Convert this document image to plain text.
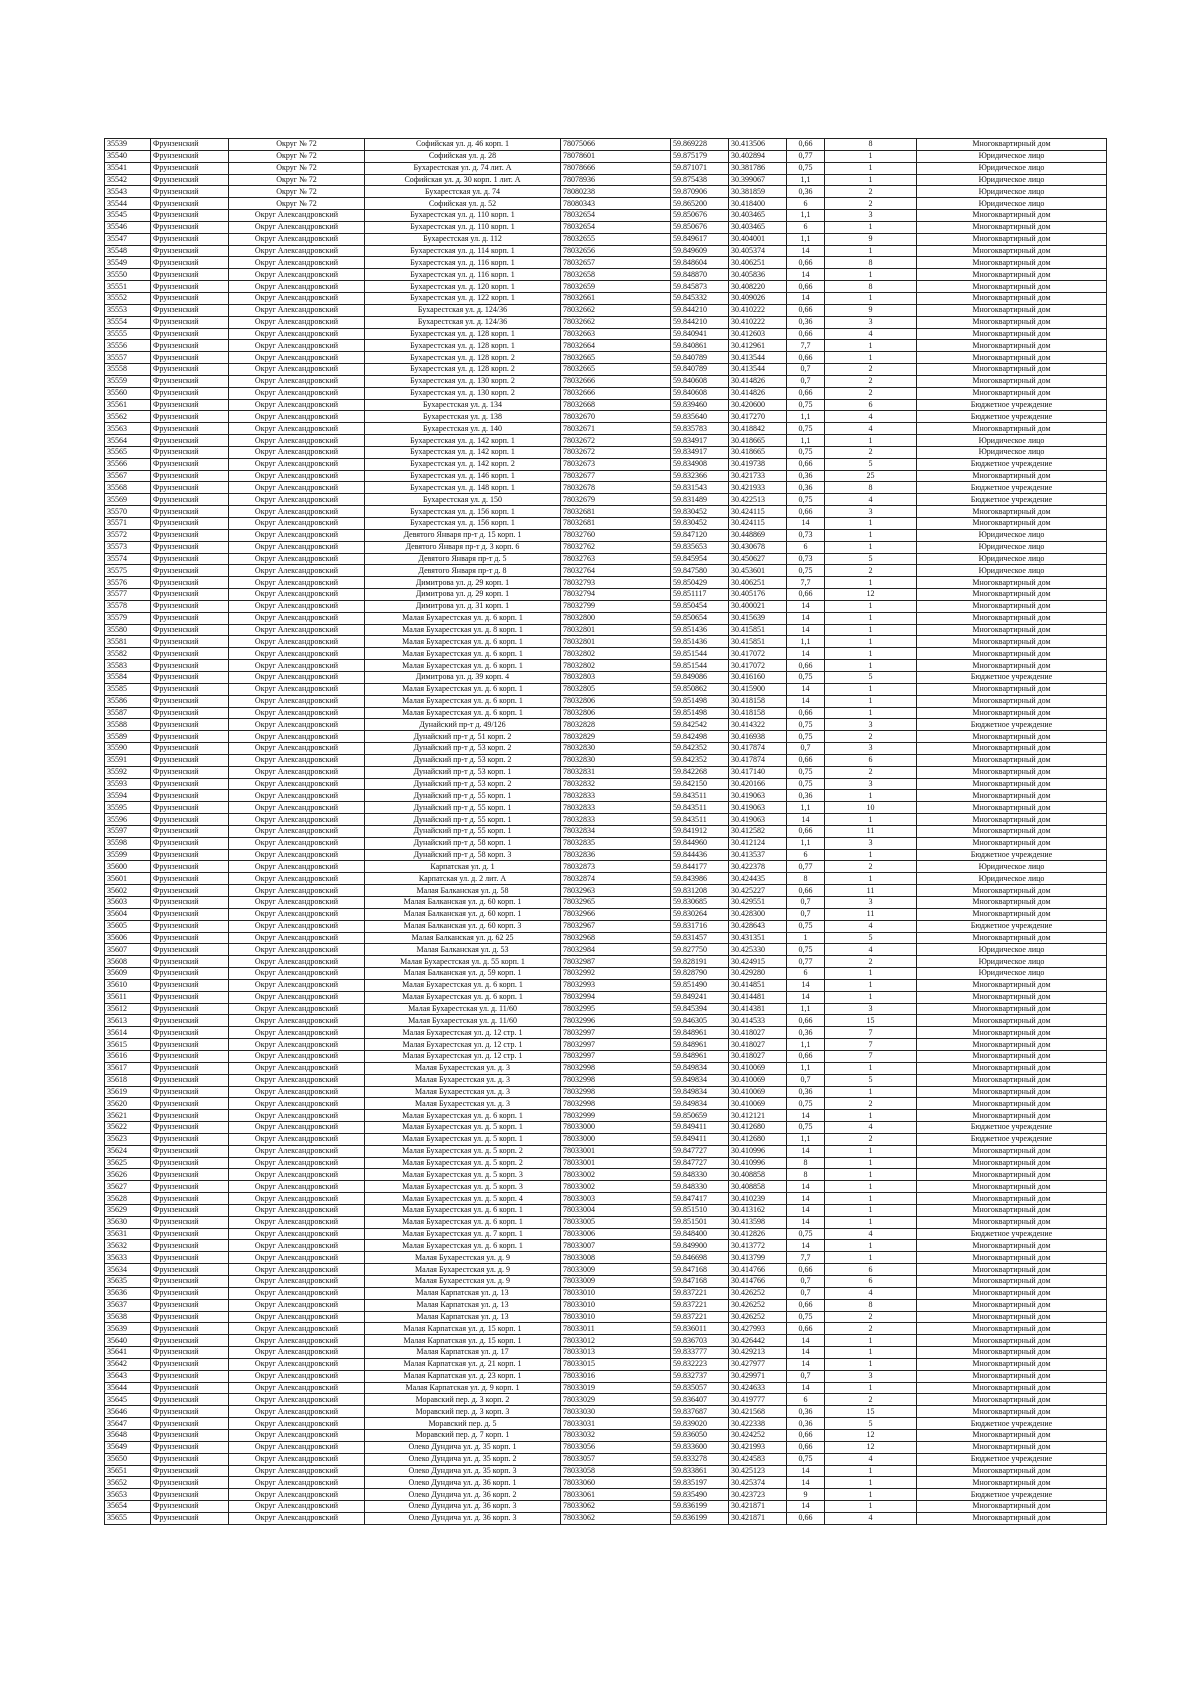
35539	Фрунзенский	Округ № 72	Софийская ул. д. 46 корп. 1	78075066	59.869228	30.413506	0,66	8	Многоквартирный дом
35540	Фрунзенский	Округ № 72	Софийская ул. д. 28	78078601	59.875179	30.402894	0,77	1	Юридическое лицо
35541	Фрунзенский	Округ № 72	Бухарестская ул. д. 74 лит. А	78078666	59.871071	30.381786	0,75	1	Юридическое лицо
35542	Фрунзенский	Округ № 72	Софийская ул. д. 30 корп. 1 лит. А	78078936	59.875438	30.399067	1,1	1	Юридическое лицо
35543	Фрунзенский	Округ № 72	Бухарестская ул. д. 74	78080238	59.870906	30.381859	0,36	2	Юридическое лицо
35544	Фрунзенский	Округ № 72	Софийская ул. д. 52	78080343	59.865200	30.418400	6	2	Юридическое лицо
35545	Фрунзенский	Округ Александровский	Бухарестская ул. д. 110 корп. 1	78032654	59.850676	30.403465	1,1	3	Многоквартирный дом
35546	Фрунзенский	Округ Александровский	Бухарестская ул. д. 110 корп. 1	78032654	59.850676	30.403465	6	1	Многоквартирный дом
35547	Фрунзенский	Округ Александровский	Бухарестская ул. д. 112	78032655	59.849617	30.404001	1,1	9	Многоквартирный дом
35548	Фрунзенский	Округ Александровский	Бухарестская ул. д. 114 корп. 1	78032656	59.849609	30.405374	14	1	Многоквартирный дом
35549	Фрунзенский	Округ Александровский	Бухарестская ул. д. 116 корп. 1	78032657	59.848604	30.406251	0,66	8	Многоквартирный дом
35550	Фрунзенский	Округ Александровский	Бухарестская ул. д. 116 корп. 1	78032658	59.848870	30.405836	14	1	Многоквартирный дом
35551	Фрунзенский	Округ Александровский	Бухарестская ул. д. 120 корп. 1	78032659	59.845873	30.408220	0,66	8	Многоквартирный дом
35552	Фрунзенский	Округ Александровский	Бухарестская ул. д. 122 корп. 1	78032661	59.845332	30.409026	14	1	Многоквартирный дом
35553	Фрунзенский	Округ Александровский	Бухарестская ул. д. 124/36	78032662	59.844210	30.410222	0,66	9	Многоквартирный дом
35554	Фрунзенский	Округ Александровский	Бухарестская ул. д. 124/36	78032662	59.844210	30.410222	0,36	3	Многоквартирный дом
35555	Фрунзенский	Округ Александровский	Бухарестская ул. д. 128 корп. 1	78032663	59.840941	30.412603	0,66	4	Многоквартирный дом
35556	Фрунзенский	Округ Александровский	Бухарестская ул. д. 128 корп. 1	78032664	59.840861	30.412961	7,7	1	Многоквартирный дом
35557	Фрунзенский	Округ Александровский	Бухарестская ул. д. 128 корп. 2	78032665	59.840789	30.413544	0,66	1	Многоквартирный дом
35558	Фрунзенский	Округ Александровский	Бухарестская ул. д. 128 корп. 2	78032665	59.840789	30.413544	0,7	2	Многоквартирный дом
35559	Фрунзенский	Округ Александровский	Бухарестская ул. д. 130 корп. 2	78032666	59.840608	30.414826	0,7	2	Многоквартирный дом
35560	Фрунзенский	Округ Александровский	Бухарестская ул. д. 130 корп. 2	78032666	59.840608	30.414826	0,66	2	Многоквартирный дом
35561	Фрунзенский	Округ Александровский	Бухарестская ул. д. 134	78032668	59.839460	30.420600	0,75	6	Бюджетное учреждение
35562	Фрунзенский	Округ Александровский	Бухарестская ул. д. 138	78032670	59.835640	30.417270	1,1	4	Бюджетное учреждение
35563	Фрунзенский	Округ Александровский	Бухарестская ул. д. 140	78032671	59.835783	30.418842	0,75	4	Многоквартирный дом
35564	Фрунзенский	Округ Александровский	Бухарестская ул. д. 142 корп. 1	78032672	59.834917	30.418665	1,1	1	Юридическое лицо
35565	Фрунзенский	Округ Александровский	Бухарестская ул. д. 142 корп. 1	78032672	59.834917	30.418665	0,75	2	Юридическое лицо
35566	Фрунзенский	Округ Александровский	Бухарестская ул. д. 142 корп. 2	78032673	59.834908	30.419738	0,66	5	Бюджетное учреждение
35567	Фрунзенский	Округ Александровский	Бухарестская ул. д. 146 корп. 1	78032677	59.832366	30.421733	0,36	25	Многоквартирный дом
35568	Фрунзенский	Округ Александровский	Бухарестская ул. д. 148 корп. 1	78032678	59.831543	30.421933	0,36	8	Бюджетное учреждение
35569	Фрунзенский	Округ Александровский	Бухарестская ул. д. 150	78032679	59.831489	30.422513	0,75	4	Бюджетное учреждение
35570	Фрунзенский	Округ Александровский	Бухарестская ул. д. 156 корп. 1	78032681	59.830452	30.424115	0,66	3	Многоквартирный дом
35571	Фрунзенский	Округ Александровский	Бухарестская ул. д. 156 корп. 1	78032681	59.830452	30.424115	14	1	Многоквартирный дом
35572	Фрунзенский	Округ Александровский	Девятого Января пр-т д. 15 корп. 1	78032760	59.847120	30.448869	0,73	1	Юридическое лицо
35573	Фрунзенский	Округ Александровский	Девятого Января пр-т д. 3 корп. 6	78032762	59.835653	30.430678	6	1	Юридическое лицо
35574	Фрунзенский	Округ Александровский	Девятого Января пр-т д. 5	78032763	59.845954	30.450627	0,73	5	Юридическое лицо
35575	Фрунзенский	Округ Александровский	Девятого Января пр-т д. 8	78032764	59.847580	30.453601	0,75	2	Юридическое лицо
35576	Фрунзенский	Округ Александровский	Димитрова ул. д. 29 корп. 1	78032793	59.850429	30.406251	7,7	1	Многоквартирный дом
35577	Фрунзенский	Округ Александровский	Димитрова ул. д. 29 корп. 1	78032794	59.851117	30.405176	0,66	12	Многоквартирный дом
35578	Фрунзенский	Округ Александровский	Димитрова ул. д. 31 корп. 1	78032799	59.850454	30.400021	14	1	Многоквартирный дом
35579	Фрунзенский	Округ Александровский	Малая Бухарестская ул. д. 6 корп. 1	78032800	59.850654	30.415639	14	1	Многоквартирный дом
35580	Фрунзенский	Округ Александровский	Малая Бухарестская ул. д. 8 корп. 1	78032801	59.851436	30.415851	14	1	Многоквартирный дом
35581	Фрунзенский	Округ Александровский	Малая Бухарестская ул. д. 6 корп. 1	78032801	59.851436	30.415851	1,1	1	Многоквартирный дом
35582	Фрунзенский	Округ Александровский	Малая Бухарестская ул. д. 6 корп. 1	78032802	59.851544	30.417072	14	1	Многоквартирный дом
35583	Фрунзенский	Округ Александровский	Малая Бухарестская ул. д. 6 корп. 1	78032802	59.851544	30.417072	0,66	1	Многоквартирный дом
35584	Фрунзенский	Округ Александровский	Димитрова ул. д. 39 корп. 4	78032803	59.849086	30.416160	0,75	5	Бюджетное учреждение
35585	Фрунзенский	Округ Александровский	Малая Бухарестская ул. д. 6 корп. 1	78032805	59.850862	30.415900	14	1	Многоквартирный дом
35586	Фрунзенский	Округ Александровский	Малая Бухарестская ул. д. 6 корп. 1	78032806	59.851498	30.418158	14	1	Многоквартирный дом
35587	Фрунзенский	Округ Александровский	Малая Бухарестская ул. д. 6 корп. 1	78032806	59.851498	30.418158	0,66	1	Многоквартирный дом
35588	Фрунзенский	Округ Александровский	Дунайский пр-т д. 49/126	78032828	59.842542	30.414322	0,75	3	Бюджетное учреждение
35589	Фрунзенский	Округ Александровский	Дунайский пр-т д. 51 корп. 2	78032829	59.842498	30.416938	0,75	2	Многоквартирный дом
35590	Фрунзенский	Округ Александровский	Дунайский пр-т д. 53 корп. 2	78032830	59.842352	30.417874	0,7	3	Многоквартирный дом
35591	Фрунзенский	Округ Александровский	Дунайский пр-т д. 53 корп. 2	78032830	59.842352	30.417874	0,66	6	Многоквартирный дом
35592	Фрунзенский	Округ Александровский	Дунайский пр-т д. 53 корп. 1	78032831	59.842268	30.417140	0,75	2	Многоквартирный дом
35593	Фрунзенский	Округ Александровский	Дунайский пр-т д. 53 корп. 2	78032832	59.842150	30.420166	0,75	3	Многоквартирный дом
35594	Фрунзенский	Округ Александровский	Дунайский пр-т д. 55 корп. 1	78032833	59.843511	30.419063	0,36	1	Многоквартирный дом
35595	Фрунзенский	Округ Александровский	Дунайский пр-т д. 55 корп. 1	78032833	59.843511	30.419063	1,1	10	Многоквартирный дом
35596	Фрунзенский	Округ Александровский	Дунайский пр-т д. 55 корп. 1	78032833	59.843511	30.419063	14	1	Многоквартирный дом
35597	Фрунзенский	Округ Александровский	Дунайский пр-т д. 55 корп. 1	78032834	59.841912	30.412582	0,66	11	Многоквартирный дом
35598	Фрунзенский	Округ Александровский	Дунайский пр-т д. 58 корп. 1	78032835	59.844960	30.412124	1,1	3	Многоквартирный дом
35599	Фрунзенский	Округ Александровский	Дунайский пр-т д. 58 корп. 3	78032836	59.844436	30.413537	6	1	Бюджетное учреждение
35600	Фрунзенский	Округ Александровский	Карпатская ул. д. 1	78032873	59.844177	30.422378	0,77	2	Юридическое лицо
35601	Фрунзенский	Округ Александровский	Карпатская ул. д. 2 лит. А	78032874	59.843986	30.424435	8	1	Юридическое лицо
35602	Фрунзенский	Округ Александровский	Малая Балканская ул. д. 58	78032963	59.831208	30.425227	0,66	11	Многоквартирный дом
35603	Фрунзенский	Округ Александровский	Малая Балканская ул. д. 60 корп. 1	78032965	59.830685	30.429551	0,7	3	Многоквартирный дом
35604	Фрунзенский	Округ Александровский	Малая Балканская ул. д. 60 корп. 1	78032966	59.830264	30.428300	0,7	11	Многоквартирный дом
35605	Фрунзенский	Округ Александровский	Малая Балканская ул. д. 60 корп. 3	78032967	59.831716	30.428643	0,75	4	Бюджетное учреждение
35606	Фрунзенский	Округ Александровский	Малая Балканская ул. д. 62 25	78032968	59.831457	30.431351	1	5	Многоквартирный дом
35607	Фрунзенский	Округ Александровский	Малая Балканская ул. д. 53	78032984	59.827750	30.425330	0,75	4	Юридическое лицо
35608	Фрунзенский	Округ Александровский	Малая Бухарестская ул. д. 55 корп. 1	78032987	59.828191	30.424915	0,77	2	Юридическое лицо
35609	Фрунзенский	Округ Александровский	Малая Балканская ул. д. 59 корп. 1	78032992	59.828790	30.429280	6	1	Юридическое лицо
35610	Фрунзенский	Округ Александровский	Малая Бухарестская ул. д. 6 корп. 1	78032993	59.851490	30.414851	14	1	Многоквартирный дом
35611	Фрунзенский	Округ Александровский	Малая Бухарестская ул. д. 6 корп. 1	78032994	59.849241	30.414481	14	1	Многоквартирный дом
35612	Фрунзенский	Округ Александровский	Малая Бухарестская ул. д. 11/60	78032995	59.845394	30.414381	1,1	3	Многоквартирный дом
35613	Фрунзенский	Округ Александровский	Малая Бухарестская ул. д. 11/60	78032996	59.846305	30.414533	0,66	15	Многоквартирный дом
35614	Фрунзенский	Округ Александровский	Малая Бухарестская ул. д. 12 стр. 1	78032997	59.848961	30.418027	0,36	7	Многоквартирный дом
35615	Фрунзенский	Округ Александровский	Малая Бухарестская ул. д. 12 стр. 1	78032997	59.848961	30.418027	1,1	7	Многоквартирный дом
35616	Фрунзенский	Округ Александровский	Малая Бухарестская ул. д. 12 стр. 1	78032997	59.848961	30.418027	0,66	7	Многоквартирный дом
35617	Фрунзенский	Округ Александровский	Малая Бухарестская ул. д. 3	78032998	59.849834	30.410069	1,1	1	Многоквартирный дом
35618	Фрунзенский	Округ Александровский	Малая Бухарестская ул. д. 3	78032998	59.849834	30.410069	0,7	5	Многоквартирный дом
35619	Фрунзенский	Округ Александровский	Малая Бухарестская ул. д. 3	78032998	59.849834	30.410069	0,36	1	Многоквартирный дом
35620	Фрунзенский	Округ Александровский	Малая Бухарестская ул. д. 3	78032998	59.849834	30.410069	0,75	2	Многоквартирный дом
35621	Фрунзенский	Округ Александровский	Малая Бухарестская ул. д. 6 корп. 1	78032999	59.850659	30.412121	14	1	Многоквартирный дом
35622	Фрунзенский	Округ Александровский	Малая Бухарестская ул. д. 5 корп. 1	78033000	59.849411	30.412680	0,75	4	Бюджетное учреждение
35623	Фрунзенский	Округ Александровский	Малая Бухарестская ул. д. 5 корп. 1	78033000	59.849411	30.412680	1,1	2	Бюджетное учреждение
35624	Фрунзенский	Округ Александровский	Малая Бухарестская ул. д. 5 корп. 2	78033001	59.847727	30.410996	14	1	Многоквартирный дом
35625	Фрунзенский	Округ Александровский	Малая Бухарестская ул. д. 5 корп. 2	78033001	59.847727	30.410996	8	1	Многоквартирный дом
35626	Фрунзенский	Округ Александровский	Малая Бухарестская ул. д. 5 корп. 3	78033002	59.848330	30.408858	8	1	Многоквартирный дом
35627	Фрунзенский	Округ Александровский	Малая Бухарестская ул. д. 5 корп. 3	78033002	59.848330	30.408858	14	1	Многоквартирный дом
35628	Фрунзенский	Округ Александровский	Малая Бухарестская ул. д. 5 корп. 4	78033003	59.847417	30.410239	14	1	Многоквартирный дом
35629	Фрунзенский	Округ Александровский	Малая Бухарестская ул. д. 6 корп. 1	78033004	59.851510	30.413162	14	1	Многоквартирный дом
35630	Фрунзенский	Округ Александровский	Малая Бухарестская ул. д. 6 корп. 1	78033005	59.851501	30.413598	14	1	Многоквартирный дом
35631	Фрунзенский	Округ Александровский	Малая Бухарестская ул. д. 7 корп. 1	78033006	59.848400	30.412826	0,75	4	Бюджетное учреждение
35632	Фрунзенский	Округ Александровский	Малая Бухарестская ул. д. 6 корп. 1	78033007	59.849900	30.413772	14	1	Многоквартирный дом
35633	Фрунзенский	Округ Александровский	Малая Бухарестская ул. д. 9	78033008	59.846698	30.413799	7,7	1	Многоквартирный дом
35634	Фрунзенский	Округ Александровский	Малая Бухарестская ул. д. 9	78033009	59.847168	30.414766	0,66	6	Многоквартирный дом
35635	Фрунзенский	Округ Александровский	Малая Бухарестская ул. д. 9	78033009	59.847168	30.414766	0,7	6	Многоквартирный дом
35636	Фрунзенский	Округ Александровский	Малая Карпатская ул. д. 13	78033010	59.837221	30.426252	0,7	4	Многоквартирный дом
35637	Фрунзенский	Округ Александровский	Малая Карпатская ул. д. 13	78033010	59.837221	30.426252	0,66	8	Многоквартирный дом
35638	Фрунзенский	Округ Александровский	Малая Карпатская ул. д. 13	78033010	59.837221	30.426252	0,75	2	Многоквартирный дом
35639	Фрунзенский	Округ Александровский	Малая Карпатская ул. д. 15 корп. 1	78033011	59.836011	30.427993	0,66	2	Многоквартирный дом
35640	Фрунзенский	Округ Александровский	Малая Карпатская ул. д. 15 корп. 1	78033012	59.836703	30.426442	14	1	Многоквартирный дом
35641	Фрунзенский	Округ Александровский	Малая Карпатская ул. д. 17	78033013	59.833777	30.429213	14	1	Многоквартирный дом
35642	Фрунзенский	Округ Александровский	Малая Карпатская ул. д. 21 корп. 1	78033015	59.832223	30.427977	14	1	Многоквартирный дом
35643	Фрунзенский	Округ Александровский	Малая Карпатская ул. д. 23 корп. 1	78033016	59.832737	30.429971	0,7	3	Многоквартирный дом
35644	Фрунзенский	Округ Александровский	Малая Карпатская ул. д. 9 корп. 1	78033019	59.835057	30.424633	14	1	Многоквартирный дом
35645	Фрунзенский	Округ Александровский	Моравский пер. д. 3 корп. 2	78033029	59.836407	30.419777	6	2	Многоквартирный дом
35646	Фрунзенский	Округ Александровский	Моравский пер. д. 3 корп. 3	78033030	59.837687	30.421568	0,36	15	Многоквартирный дом
35647	Фрунзенский	Округ Александровский	Моравский пер. д. 5	78033031	59.839020	30.422338	0,36	5	Бюджетное учреждение
35648	Фрунзенский	Округ Александровский	Моравский пер. д. 7 корп. 1	78033032	59.836050	30.424252	0,66	12	Многоквартирный дом
35649	Фрунзенский	Округ Александровский	Олеко Дундича ул. д. 35 корп. 1	78033056	59.833600	30.421993	0,66	12	Многоквартирный дом
35650	Фрунзенский	Округ Александровский	Олеко Дундича ул. д. 35 корп. 2	78033057	59.833278	30.424583	0,75	4	Бюджетное учреждение
35651	Фрунзенский	Округ Александровский	Олеко Дундича ул. д. 35 корп. 3	78033058	59.833861	30.425123	14	1	Многоквартирный дом
35652	Фрунзенский	Округ Александровский	Олеко Дундича ул. д. 36 корп. 1	78033060	59.835197	30.425374	14	1	Многоквартирный дом
35653	Фрунзенский	Округ Александровский	Олеко Дундича ул. д. 36 корп. 2	78033061	59.835490	30.423723	9	1	Бюджетное учреждение
35654	Фрунзенский	Округ Александровский	Олеко Дундича ул. д. 36 корп. 3	78033062	59.836199	30.421871	14	1	Многоквартирный дом
35655	Фрунзенский	Округ Александровский	Олеко Дундича ул. д. 36 корп. 3	78033062	59.836199	30.421871	0,66	4	Многоквартирный дом
